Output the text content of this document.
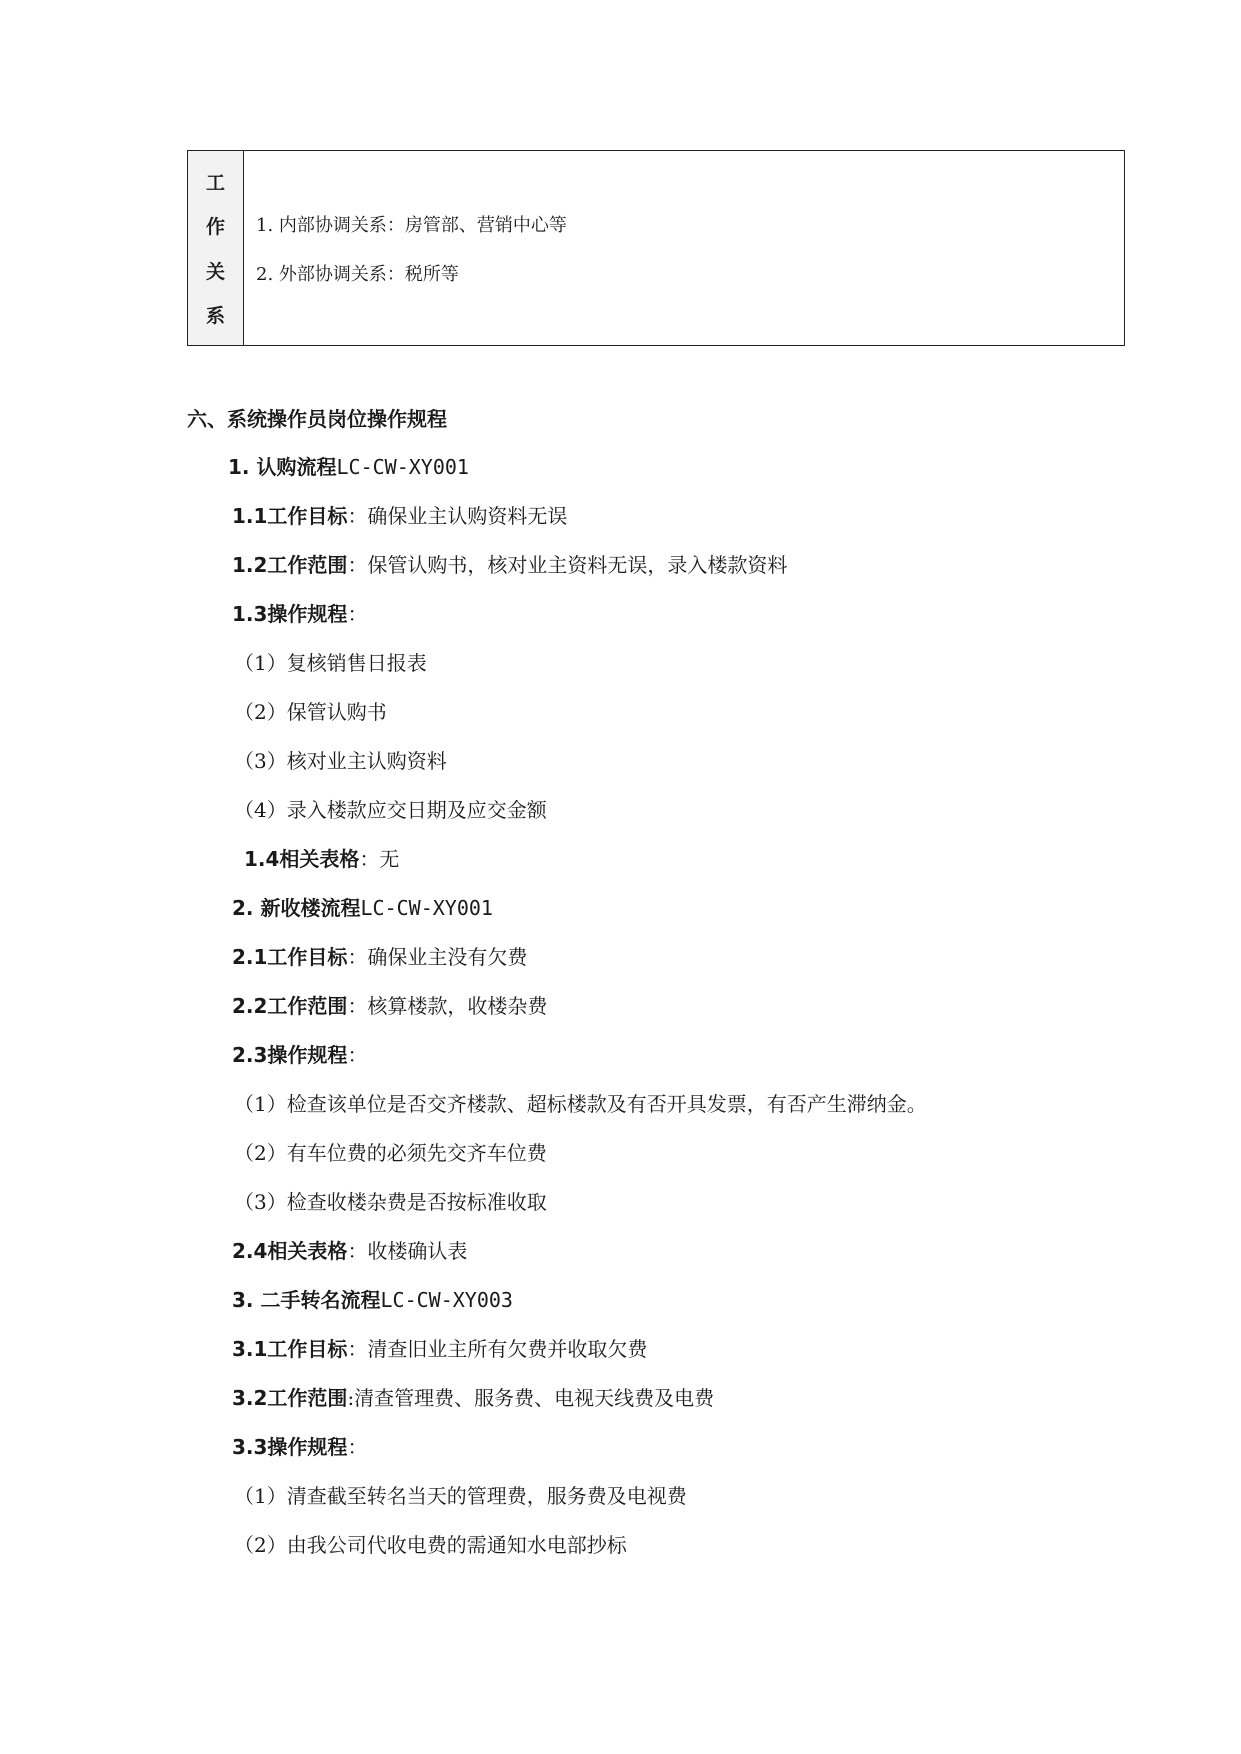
工
作
关
系
1. 内部协调关系：房管部、营销中心等
2. 外部协调关系：税所等
六、系统操作员岗位操作规程
1. 认购流程LC-CW-XY001
1.1工作目标：确保业主认购资料无误
1.2工作范围：保管认购书，核对业主资料无误，录入楼款资料
1.3操作规程：
（1）复核销售日报表
（2）保管认购书
（3）核对业主认购资料
（4）录入楼款应交日期及应交金额
1.4相关表格：无
2. 新收楼流程LC-CW-XY001
2.1工作目标：确保业主没有欠费
2.2工作范围：核算楼款，收楼杂费
2.3操作规程：
（1）检查该单位是否交齐楼款、超标楼款及有否开具发票，有否产生滞纳金。
（2）有车位费的必须先交齐车位费
（3）检查收楼杂费是否按标准收取
2.4相关表格：收楼确认表
3. 二手转名流程LC-CW-XY003
3.1工作目标：清查旧业主所有欠费并收取欠费
3.2工作范围:清查管理费、服务费、电视天线费及电费
3.3操作规程：
（1）清查截至转名当天的管理费，服务费及电视费
（2）由我公司代收电费的需通知水电部抄标
